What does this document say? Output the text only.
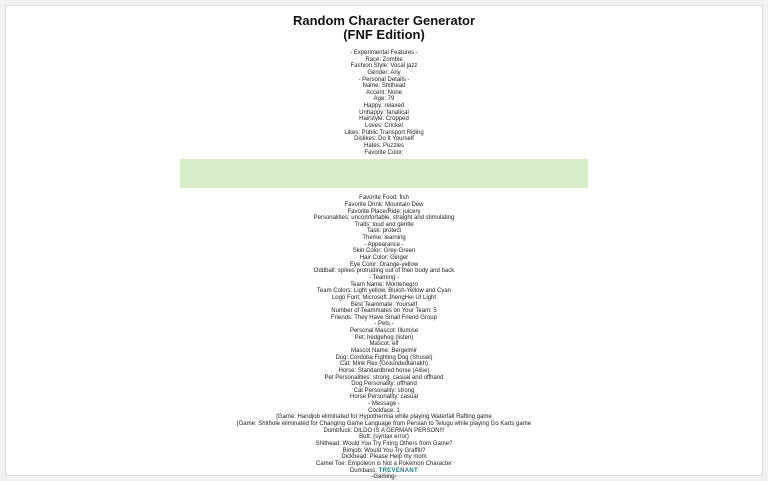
Random Character Generator
(FNF Edition)
- Experimental Features -
Race: Zombie
Fashion Style: Vocal jazz
Gender: Any
- Personal Details -
Name: Shithead
Accent: None
Age: 79
Happy: relaxed
Unhappy: fanatical
Hairstyle: Cropped
Loves: Cricket
Likes: Public Transport Riding
Dislikes: Do It Yourself
Hates: Puzzles
Favorite Color:
Favorite Food: fish
Favorite Drink: Mountain Dew
Favorite Place/Ride: juicery
Personalities: uncomfortable, straight and stimulating
Traits: loud and gentle
Task: protect
Theme: learning
- Appearance -
Skin Color: Grey-Green
Hair Color: Ginger
Eye Color: Orange-yellow
Oddball: spikes protruding out of their body and back
- Teaming -
Team Name: Montenegro
Team Colors: Light yellow, Bluish-Yellow and Cyan
Logo Font: Microsoft JhengHei UI Light
Best Teammate: Yourself
Number of Teammates on Your Team: 5
Friends: They Have Small Friend Group
- Pets -
Personal Mascot: Illumise
Pet: hedgehog (listen)
Mascot: elf
Mascot Name: Bergelmir
Dog: Cordoba Fighting Dog (Shusei)
Cat: Mink Rex (Groundedtanakh)
Horse: Standardbred horse (Alise)
Pet Personalities: strong, casual and offhand
Dog Personality: offhand
Cat Personality: strong
Horse Personality: casual
- Message -
Cockface: 1
[Game: Handjob eliminated for Hypothermia while playing Waterfall Rafting game
[Game: Shithole eliminated for Changing Game Language from Persian to Telugu while playing Go Karts game
Dumbfuck: DILDO IS A GERMAN PERSON!!!
Butt: (syntax error)
Shithead: Would You Try Firing Others from Game?
Bimjob: Would You Try Graffiti?
Dickhead: Please Help my mom
Camel Toe: Empoleon is Not a Pokemon Character
Dumbass: TREVENANT
-Gaming-
